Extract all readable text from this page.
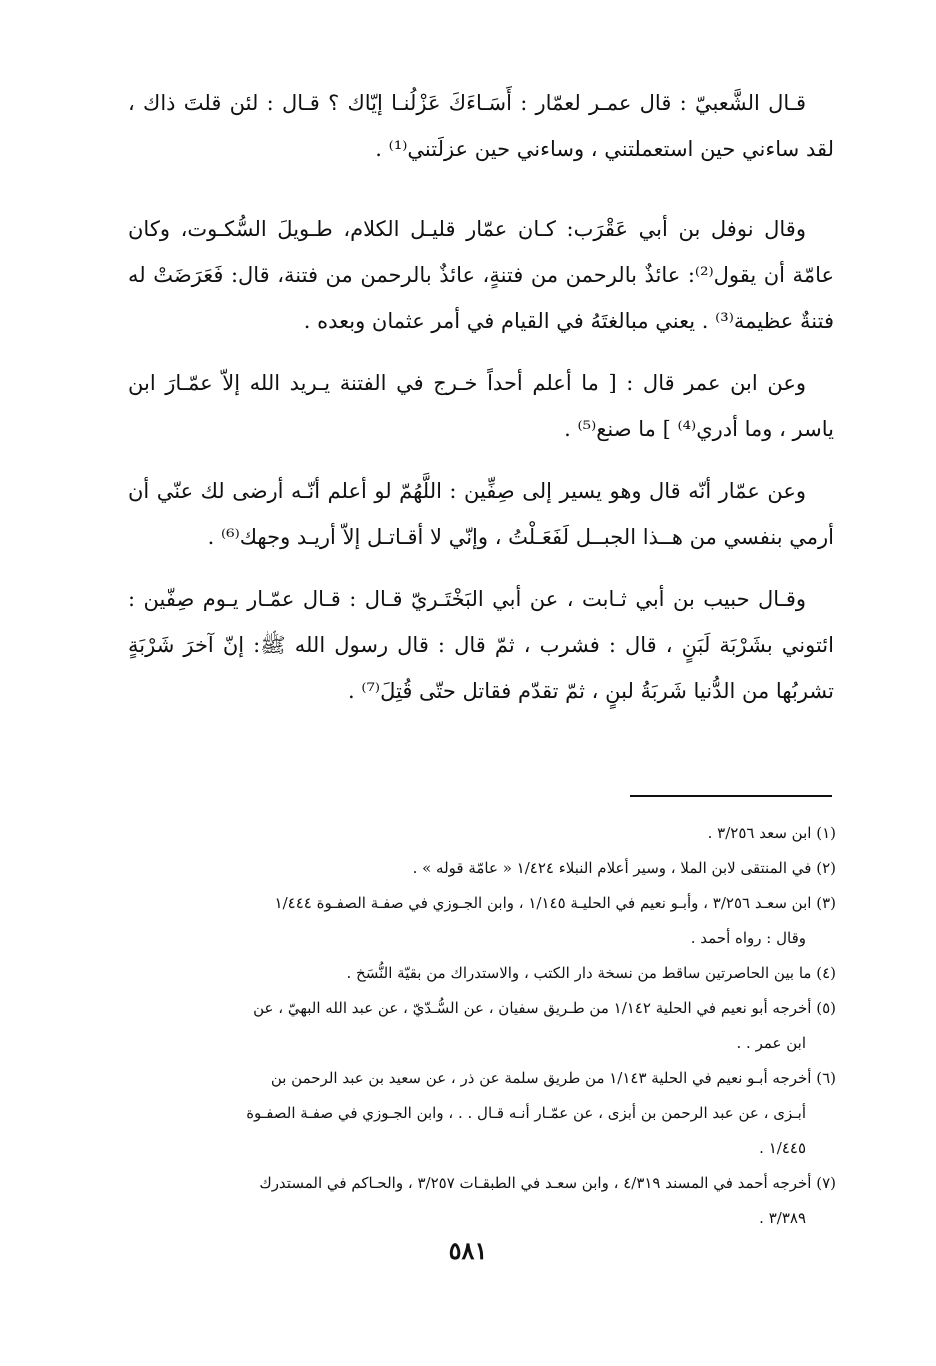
قـال الشَّعبيّ : قال عمـر لعمّار : أَسَـاءَكَ عَزْلُنـا إيّاك ؟ قـال : لئن قلتَ ذاك ، لقد ساءني حين استعملتني ، وساءني حين عزلَتني⁽¹⁾ .

وقال نوفل بن أبي عَقْرَب: كـان عمّار قليـل الكلام، طـويلَ السُّكـوت، وكان عامّة أن يقول⁽²⁾: عائذٌ بالرحمن من فتنةٍ، عائذٌ بالرحمن من فتنة، قال: فَعَرَضَتْ له فتنةٌ عظيمة⁽³⁾ . يعني مبالغتَهُ في القيام في أمر عثمان وبعده .

وعن ابن عمر قال : [ ما أعلم أحداً خـرج في الفتنة يـريد الله إلاّ عمّـارَ ابن ياسر ، وما أدري⁽⁴⁾ ] ما صنع⁽⁵⁾ .

وعن عمّار أنّه قال وهو يسير إلى صِفِّين : اللَّهُمّ لو أعلم أنّـه أرضى لك عنّي أن أرمي بنفسي من هــذا الجبــل لَفَعَـلْتُ ، وإنّي لا أقـاتـل إلاّ أريـد وجهك⁽⁶⁾ .

وقـال حبيب بن أبي ثـابت ، عن أبي البَخْتَـريّ قـال : قـال عمّـار يـوم صِفّين : ائتوني بشَرْبَة لَبَنٍ ، قال : فشرب ، ثمّ قال : قال رسول الله ﷺ: إنّ آخرَ شَرْبَةٍ تشربُها من الدُّنيا شَربَةُ لبنٍ ، ثمّ تقدّم فقاتل حتّى قُتِلَ⁽⁷⁾ .

(١) ابن سعد ٣/٢٥٦ .
(٢) في المنتقى لابن الملا ، وسير أعلام النبلاء ١/٤٢٤ « عامّة قوله » .
(٣) ابن سعـد ٣/٢٥٦ ، وأبـو نعيم في الحليـة ١/١٤٥ ، وابن الجـوزي في صفـة الصفـوة ١/٤٤٤
وقال : رواه أحمد .
(٤) ما بين الحاصرتين ساقط من نسخة دار الكتب ، والاستدراك من بقيّة النُّسَخ .
(٥) أخرجه أبو نعيم في الحلية ١/١٤٢ من طـريق سفيان ، عن السُّـدّيّ ، عن عبد الله البهيّ ، عن
ابن عمر . .
(٦) أخرجه أبـو نعيم في الحلية ١/١٤٣ من طريق سلمة عن ذر ، عن سعيد بن عبد الرحمن بن
أبـزى ، عن عبد الرحمن بن أبزى ، عن عمّـار أنـه قـال . . ، وابن الجـوزي في صفـة الصفـوة
١/٤٤٥ .
(٧) أخرجه أحمد في المسند ٤/٣١٩ ، وابن سعـد في الطبقـات ٣/٢٥٧ ، والحـاكم في المستدرك
٣/٣٨٩ .
٥٨١
